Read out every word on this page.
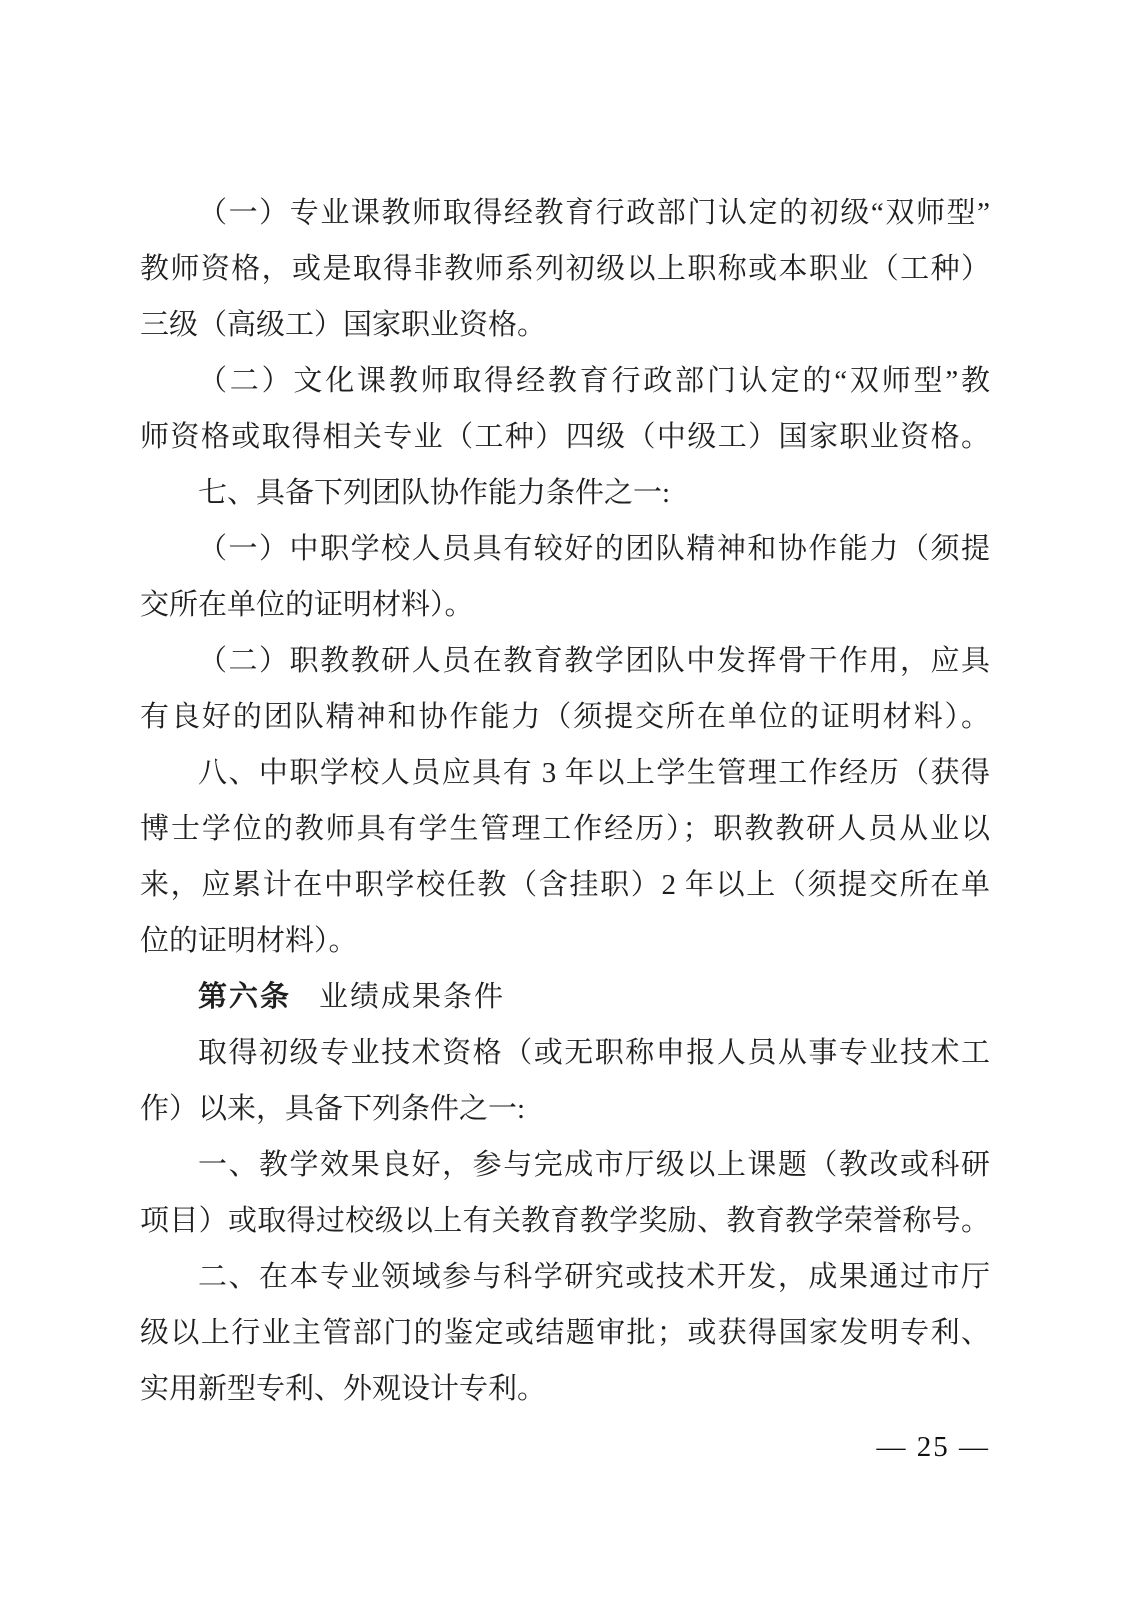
（一）专业课教师取得经教育行政部门认定的初级“双师型”
教师资格，或是取得非教师系列初级以上职称或本职业（工种）
三级（高级工）国家职业资格。
（二）文化课教师取得经教育行政部门认定的“双师型”教
师资格或取得相关专业（工种）四级（中级工）国家职业资格。
七、具备下列团队协作能力条件之一:
（一）中职学校人员具有较好的团队精神和协作能力（须提
交所在单位的证明材料）。
（二）职教教研人员在教育教学团队中发挥骨干作用，应具
有良好的团队精神和协作能力（须提交所在单位的证明材料）。
八、中职学校人员应具有 3 年以上学生管理工作经历（获得
博士学位的教师具有学生管理工作经历）；职教教研人员从业以
来，应累计在中职学校任教（含挂职）2 年以上（须提交所在单
位的证明材料）。
第六条 业绩成果条件
取得初级专业技术资格（或无职称申报人员从事专业技术工
作）以来，具备下列条件之一:
一、教学效果良好，参与完成市厅级以上课题（教改或科研
项目）或取得过校级以上有关教育教学奖励、教育教学荣誉称号。
二、在本专业领域参与科学研究或技术开发，成果通过市厅
级以上行业主管部门的鉴定或结题审批；或获得国家发明专利、
实用新型专利、外观设计专利。
— 25 —
